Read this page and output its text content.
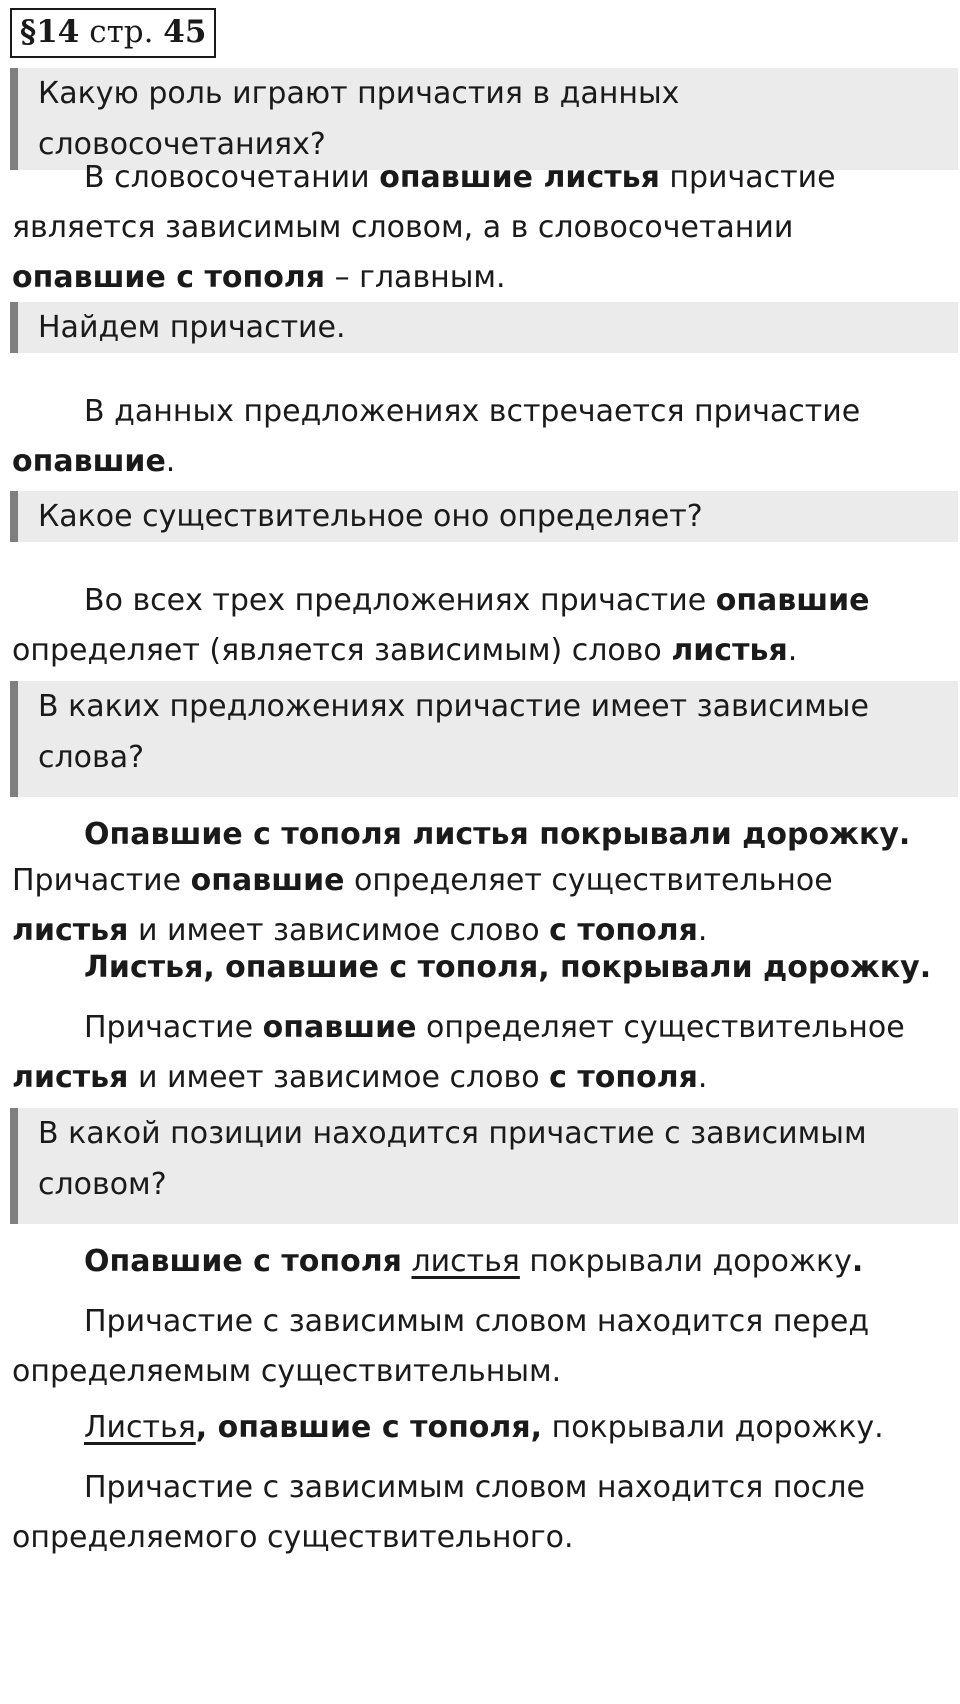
§14
стр.
45
Какую роль играют причастия в данных словосочетаниях?
В словосочетании опавшие листья причастие является зависимым словом, а в словосочетании опавшие с тополя – главным.
Найдем причастие.
В данных предложениях встречается причастие опавшие.
Какое существительное оно определяет?
Во всех трех предложениях причастие опавшие определяет (является зависимым) слово листья.
В каких предложениях причастие имеет зависимые слова?
Опавшие с тополя листья покрывали дорожку.
Причастие опавшие определяет существительное листья и имеет зависимое слово с тополя.
Листья, опавшие с тополя, покрывали дорожку.
Причастие опавшие определяет существительное листья и имеет зависимое слово с тополя.
В какой позиции находится причастие с зависимым словом?
Опавшие с тополя листья покрывали дорожку.
Причастие с зависимым словом находится перед определяемым существительным.
Листья, опавшие с тополя, покрывали дорожку.
Причастие с зависимым словом находится после определяемого существительного.
